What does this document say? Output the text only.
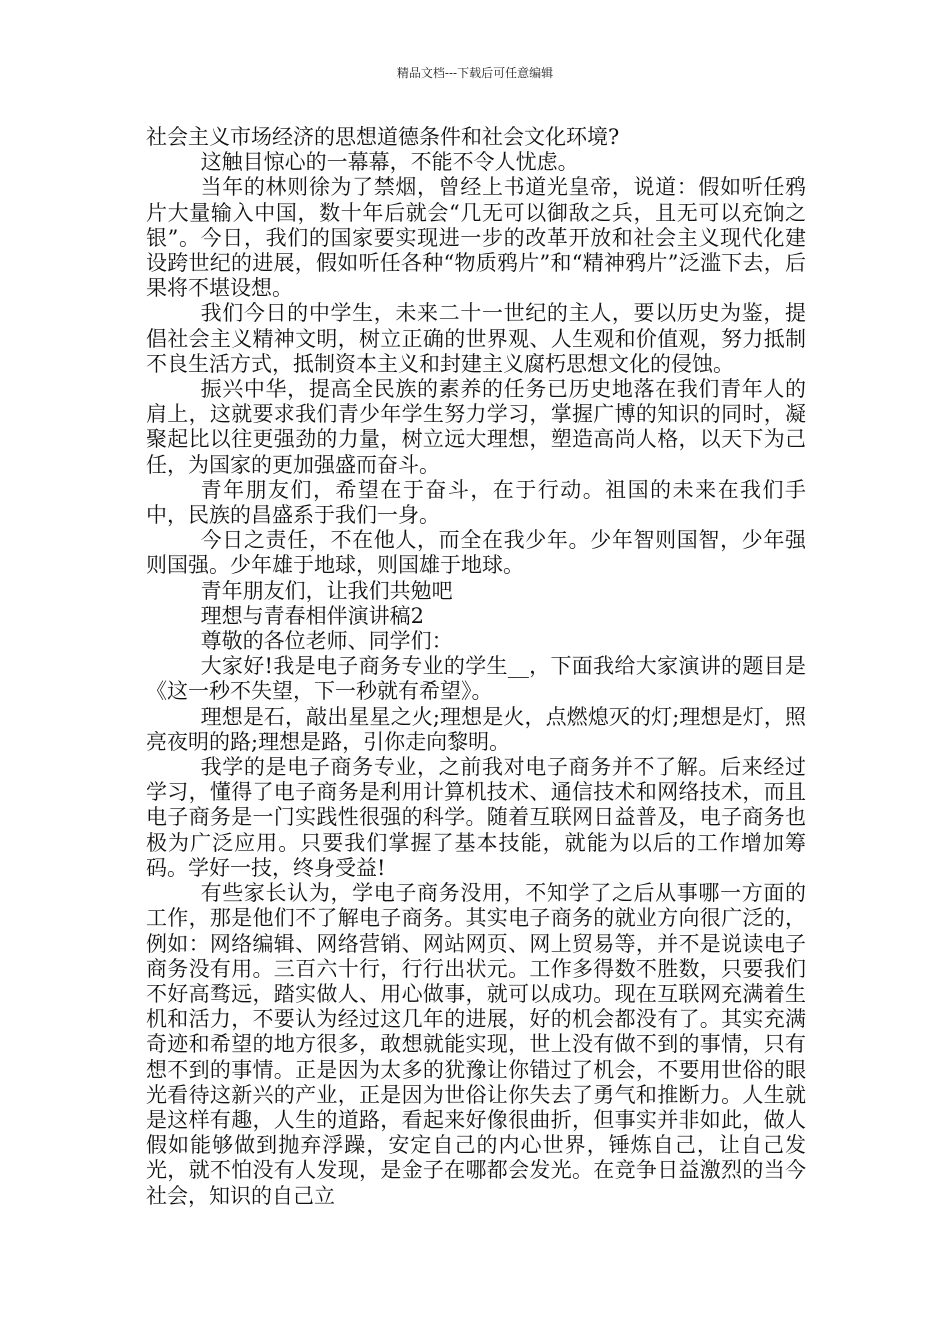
精品文档---下载后可任意编辑

社会主义市场经济的思想道德条件和社会文化环境?

这触目惊心的一幕幕，不能不令人忧虑。

当年的林则徐为了禁烟，曾经上书道光皇帝，说道：假如听任鸦片大量输入中国，数十年后就会“几无可以御敌之兵，且无可以充饷之银”。今日，我们的国家要实现进一步的改革开放和社会主义现代化建设跨世纪的进展，假如听任各种“物质鸦片”和“精神鸦片”泛滥下去，后果将不堪设想。

我们今日的中学生，未来二十一世纪的主人，要以历史为鉴，提倡社会主义精神文明，树立正确的世界观、人生观和价值观，努力抵制不良生活方式，抵制资本主义和封建主义腐朽思想文化的侵蚀。

振兴中华，提高全民族的素养的任务已历史地落在我们青年人的肩上，这就要求我们青少年学生努力学习，掌握广博的知识的同时，凝聚起比以往更强劲的力量，树立远大理想，塑造高尚人格，以天下为己任，为国家的更加强盛而奋斗。

青年朋友们，希望在于奋斗，在于行动。祖国的未来在我们手中，民族的昌盛系于我们一身。

今日之责任，不在他人，而全在我少年。少年智则国智，少年强则国强。少年雄于地球，则国雄于地球。

青年朋友们，让我们共勉吧

理想与青春相伴演讲稿2

尊敬的各位老师、同学们：

大家好!我是电子商务专业的学生__，下面我给大家演讲的题目是《这一秒不失望，下一秒就有希望》。

理想是石，敲出星星之火;理想是火，点燃熄灭的灯;理想是灯，照亮夜明的路;理想是路，引你走向黎明。

我学的是电子商务专业，之前我对电子商务并不了解。后来经过学习，懂得了电子商务是利用计算机技术、通信技术和网络技术，而且电子商务是一门实践性很强的科学。随着互联网日益普及，电子商务也极为广泛应用。只要我们掌握了基本技能，就能为以后的工作增加筹码。学好一技，终身受益!

有些家长认为，学电子商务没用，不知学了之后从事哪一方面的工作，那是他们不了解电子商务。其实电子商务的就业方向很广泛的，例如：网络编辑、网络营销、网站网页、网上贸易等，并不是说读电子商务没有用。三百六十行，行行出状元。工作多得数不胜数，只要我们不好高骛远，踏实做人、用心做事，就可以成功。现在互联网充满着生机和活力，不要认为经过这几年的进展，好的机会都没有了。其实充满奇迹和希望的地方很多，敢想就能实现，世上没有做不到的事情，只有想不到的事情。正是因为太多的犹豫让你错过了机会，不要用世俗的眼光看待这新兴的产业，正是因为世俗让你失去了勇气和推断力。人生就是这样有趣，人生的道路，看起来好像很曲折，但事实并非如此，做人假如能够做到抛弃浮躁，安定自己的内心世界，锤炼自己，让自己发光，就不怕没有人发现，是金子在哪都会发光。在竞争日益激烈的当今社会，知识的自己立
